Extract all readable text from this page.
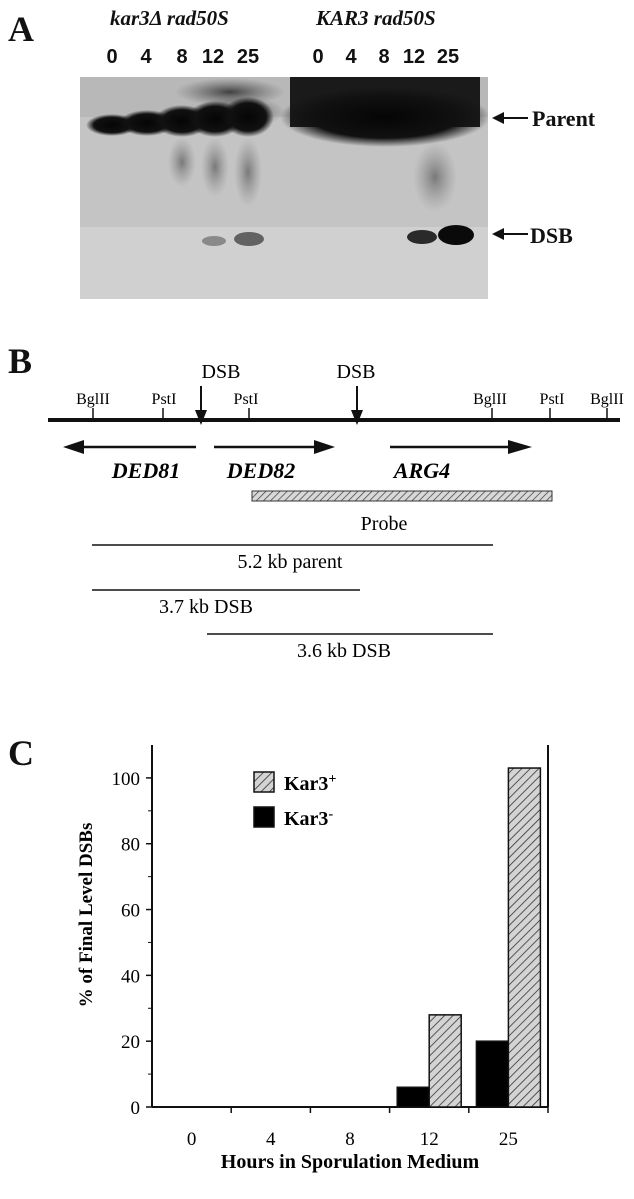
A	kar3Δ rad50S	KAR3 rad50S
0	4	8 12 25	0	4	8 12 25
Parent
DSB
B
BglII	PstI	PstI	BglII PstI BglII
DSB	DSB
DED81 DED82	ARG4
Probe
5.2 kb parent
3.7 kb DSB
3.6 kb DSB
C
0
20
40
60
80
100
0	4	8	12	25
Kar3+
Kar3-
% of Final Level DSBs
Hours in Sporulation Medium
